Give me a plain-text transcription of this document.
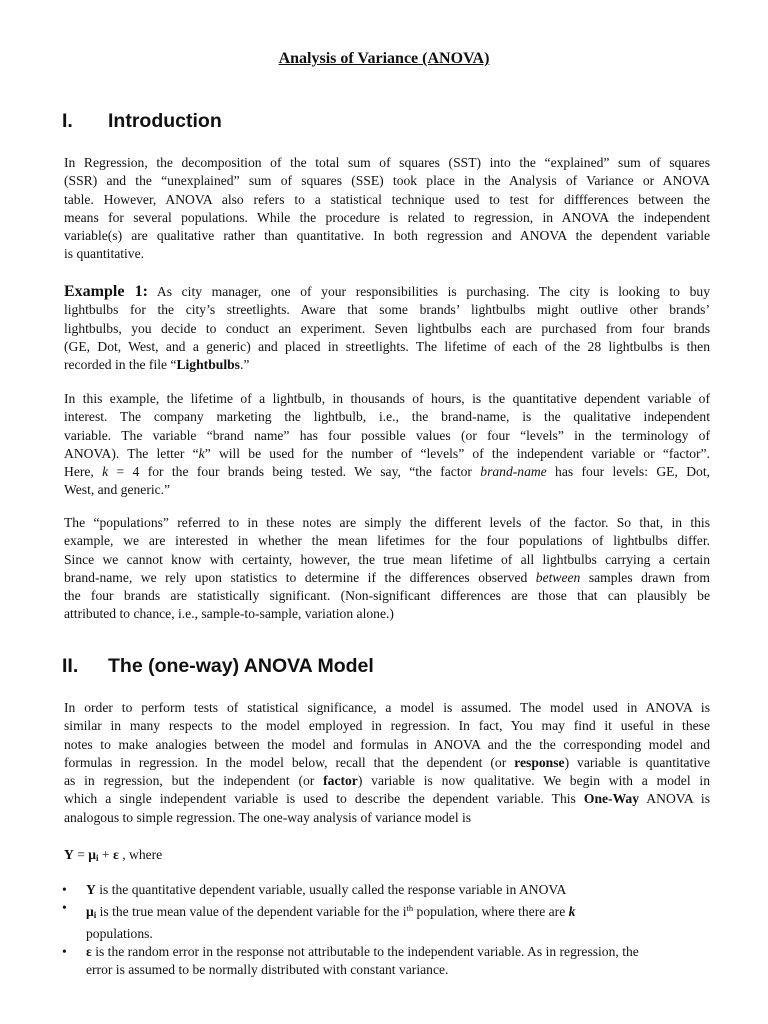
Analysis of Variance (ANOVA)
I. Introduction
In Regression, the decomposition of the total sum of squares (SST) into the “explained” sum of squares
(SSR) and the “unexplained” sum of squares (SSE) took place in the Analysis of Variance or ANOVA
table. However, ANOVA also refers to a statistical technique used to test for diffferences between the
means for several populations. While the procedure is related to regression, in ANOVA the independent
variable(s) are qualitative rather than quantitative. In both regression and ANOVA the dependent variable
is quantitative.
Example 1: As city manager, one of your responsibilities is purchasing. The city is looking to buy
lightbulbs for the city’s streetlights. Aware that some brands’ lightbulbs might outlive other brands’
lightbulbs, you decide to conduct an experiment. Seven lightbulbs each are purchased from four brands
(GE, Dot, West, and a generic) and placed in streetlights. The lifetime of each of the 28 lightbulbs is then
recorded in the file “Lightbulbs.”
In this example, the lifetime of a lightbulb, in thousands of hours, is the quantitative dependent variable of
interest. The company marketing the lightbulb, i.e., the brand-name, is the qualitative independent
variable. The variable “brand name” has four possible values (or four “levels” in the terminology of
ANOVA). The letter “k” will be used for the number of “levels” of the independent variable or “factor”.
Here, k = 4 for the four brands being tested. We say, “the factor brand-name has four levels: GE, Dot,
West, and generic.”
The “populations” referred to in these notes are simply the different levels of the factor. So that, in this
example, we are interested in whether the mean lifetimes for the four populations of lightbulbs differ.
Since we cannot know with certainty, however, the true mean lifetime of all lightbulbs carrying a certain
brand-name, we rely upon statistics to determine if the differences observed between samples drawn from
the four brands are statistically significant. (Non-significant differences are those that can plausibly be
attributed to chance, i.e., sample-to-sample, variation alone.)
II. The (one-way) ANOVA Model
In order to perform tests of statistical significance, a model is assumed. The model used in ANOVA is
similar in many respects to the model employed in regression. In fact, You may find it useful in these
notes to make analogies between the model and formulas in ANOVA and the the corresponding model and
formulas in regression. In the model below, recall that the dependent (or response) variable is quantitative
as in regression, but the independent (or factor) variable is now qualitative. We begin with a model in
which a single independent variable is used to describe the dependent variable. This One-Way ANOVA is
analogous to simple regression. The one-way analysis of variance model is
$Y = \mu_i + \varepsilon$ , where
• Y is the quantitative dependent variable, usually called the response variable in ANOVA
• $\mu_i$ is the true mean value of the dependent variable for the $i^{th}$ population, where there are k
populations.
• ε is the random error in the response not attributable to the independent variable. As in regression, the
error is assumed to be normally distributed with constant variance.
